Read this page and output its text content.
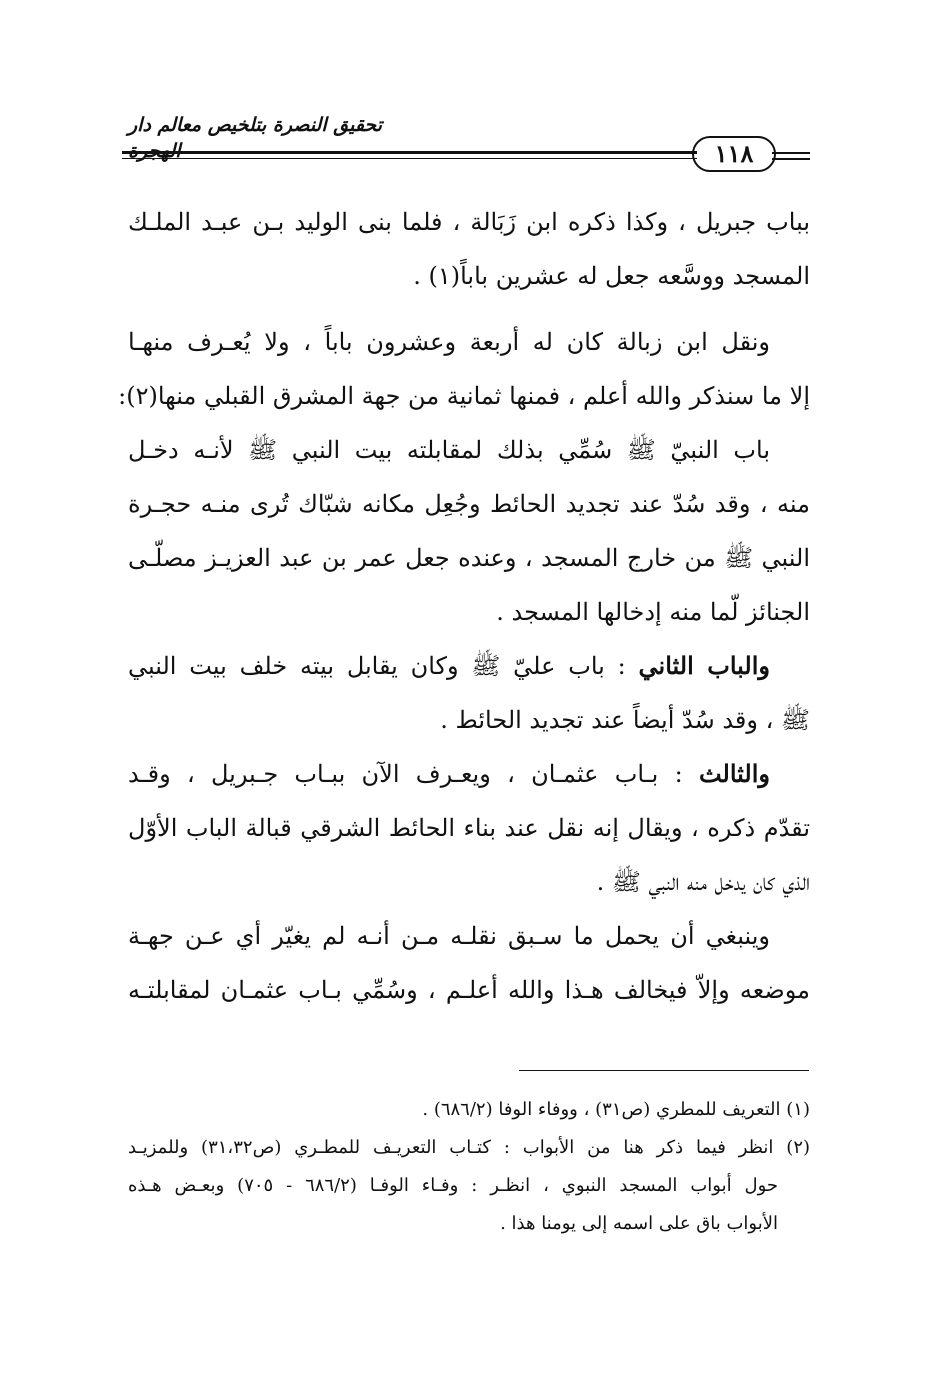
تحقيق النصرة بتلخيص معالم دار
١١٨
بباب جبريل ، وكذا ذكره ابن زَبَالة ، فلما بنى الوليد بـن عبـد الملـك
المسجد ووسَّعه جعل له عشرين باباً(١) .
ونقل ابن زبالة كان له أربعة وعشرون باباً ، ولا يُعـرف منهـا
إلا ما سنذكر والله أعلم ، فمنها ثمانية من جهة المشرق القبلي منها(٢):
باب النبيّ ﷺ سُمِّي بذلك لمقابلته بيت النبي ﷺ لأنـه دخـل
منه ، وقد سُدّ عند تجديد الحائط وجُعِل مكانه شبّاك تُرى منـه حجـرة
النبي ﷺ من خارج المسجد ، وعنده جعل عمر بن عبد العزيـز مصلّـى
الجنائز لّما منه إدخالها المسجد .
والباب الثاني : باب عليّ ﷺ وكان يقابل بيته خلف بيت النبي
ﷺ ، وقد سُدّ أيضاً عند تجديد الحائط .
والثالث : بـاب عثمـان ، ويعـرف الآن ببـاب جـبريل ، وقـد
تقدّم ذكره ، ويقال إنه نقل عند بناء الحائط الشرقي قبالة الباب الأوّل
الذي كان يدخل منه النبي ﷺ .
وينبغي أن يحمل ما سـبق نقلـه مـن أنـه لم يغيّر أي عـن جهـة
موضعه وإلاّ فيخالف هـذا والله أعلـم ، وسُمِّي بـاب عثمـان لمقابلتـه
(١) التعريف للمطري (ص٣١) ، ووفاء الوفا (٦٨٦/٢) .
(٢) انظر فيما ذكر هنا من الأبواب : كتـاب التعريـف للمطـري (ص٣١،٣٢) وللمزيـد
حول أبواب المسجد النبوي ، انظـر : وفـاء الوفـا (٦٨٦/٢ - ٧٠٥) وبعـض هـذه
الأبواب باق على اسمه إلى يومنا هذا .
